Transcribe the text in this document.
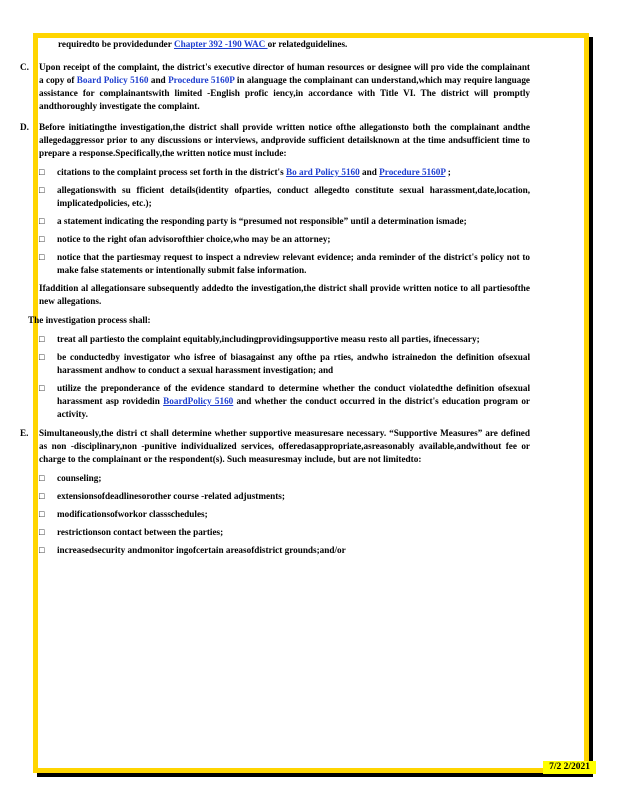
requiredto be providedunder Chapter 392 -190 WAC or relatedguidelines.

C. Upon receipt of the complaint, the district's executive director of human resources or designee will pro vide the complainant a copy of Board Policy 5160 and Procedure 5160P in alanguage the complainant can understand,which may require language assistance for complainantswith limited -English profic iency,in accordance with Title VI. The district will promptly andthoroughly investigate the complaint.

D. Before initiatingthe investigation,the district shall provide written notice ofthe allegationsto both the complainant andthe allegedaggressor prior to any discussions or interviews, andprovide sufficient detailsknown at the time andsufficient time to prepare a response.Specifically,the written notice must include:

□ citations to the complaint process set forth in the district's Bo ard Policy 5160 and Procedure 5160P ;
□ allegationswith su fficient details(identity ofparties, conduct allegedto constitute sexual harassment,date,location, implicatedpolicies, etc.);
□ a statement indicating the responding party is “presumed not responsible” until a determination ismade;
□ notice to the right ofan advisorofthier choice,who may be an attorney;
□ notice that the partiesmay request to inspect a ndreview relevant evidence; anda reminder of the district's policy not to make false statements or intentionally submit false information.

Ifaddition al allegationsare subsequently addedto the investigation,the district shall provide written notice to all partiesofthe new allegations.

The investigation process shall:

□ treat all partiesto the complaint equitably,includingprovidingsupportive measu resto all parties, ifnecessary;
□ be conductedby investigator who isfree of biasagainst any ofthe pa rties, andwho istrainedon the definition ofsexual harassment andhow to conduct a sexual harassment investigation; and
□ utilize the preponderance of the evidence standard to determine whether the conduct violatedthe definition ofsexual harassment asp rovidedin BoardPolicy 5160 and whether the conduct occurred in the district's education program or activity.
E. Simultaneously,the distri ct shall determine whether supportive measuresare necessary. “Supportive Measures” are defined as non -disciplinary,non -punitive individualized services, offeredasappropriate,asreasonably available,andwithout fee or charge to the complainant or the respondent(s). Such measuresmay include, but are not limitedto:

□ counseling;
□ extensionsofdeadlinesorother course -related adjustments;
□ modificationsofworkor classschedules;
□ restrictionson contact between the parties;
□ increasedsecurity andmonitor ingofcertain areasofdistrict grounds;and/or
7/2 2/2021
